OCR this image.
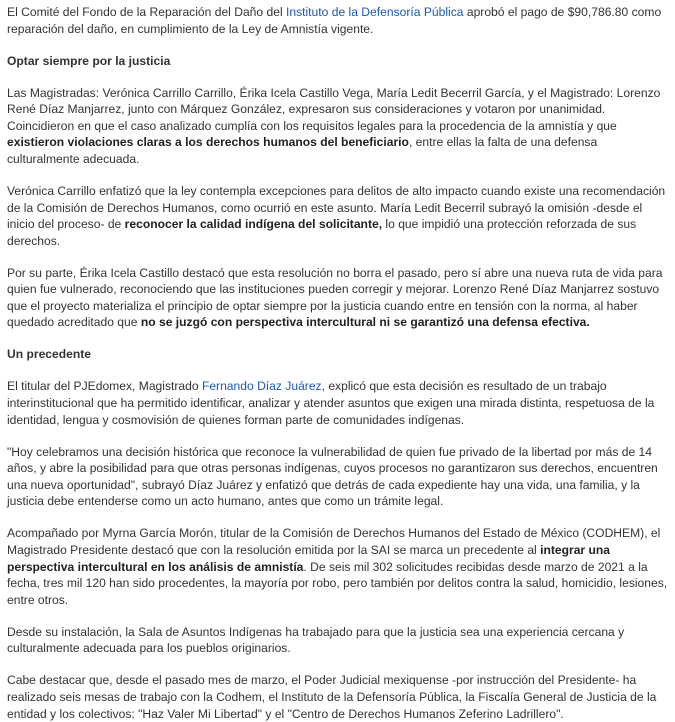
El Comité del Fondo de la Reparación del Daño del Instituto de la Defensoría Pública aprobó el pago de $90,786.80 como reparación del daño, en cumplimiento de la Ley de Amnistía vigente.

Optar siempre por la justicia

Las Magistradas: Verónica Carrillo Carrillo, Érika Icela Castillo Vega, María Ledit Becerril García, y el Magistrado: Lorenzo René Díaz Manjarrez, junto con Márquez González, expresaron sus consideraciones y votaron por unanimidad. Coincidieron en que el caso analizado cumplía con los requisitos legales para la procedencia de la amnistía y que existieron violaciones claras a los derechos humanos del beneficiario, entre ellas la falta de una defensa culturalmente adecuada.

Verónica Carrillo enfatizó que la ley contempla excepciones para delitos de alto impacto cuando existe una recomendación de la Comisión de Derechos Humanos, como ocurrió en este asunto. María Ledit Becerril subrayó la omisión -desde el inicio del proceso- de reconocer la calidad indígena del solicitante, lo que impidió una protección reforzada de sus derechos.

Por su parte, Érika Icela Castillo destacó que esta resolución no borra el pasado, pero sí abre una nueva ruta de vida para quien fue vulnerado, reconociendo que las instituciones pueden corregir y mejorar. Lorenzo René Díaz Manjarrez sostuvo que el proyecto materializa el principio de optar siempre por la justicia cuando entre en tensión con la norma, al haber quedado acreditado que no se juzgó con perspectiva intercultural ni se garantizó una defensa efectiva.

Un precedente

El titular del PJEdomex, Magistrado Fernando Díaz Juárez, explicó que esta decisión es resultado de un trabajo interinstitucional que ha permitido identificar, analizar y atender asuntos que exigen una mirada distinta, respetuosa de la identidad, lengua y cosmovisión de quienes forman parte de comunidades indígenas.

"Hoy celebramos una decisión histórica que reconoce la vulnerabilidad de quien fue privado de la libertad por más de 14 años, y abre la posibilidad para que otras personas indígenas, cuyos procesos no garantizaron sus derechos, encuentren una nueva oportunidad", subrayó Díaz Juárez y enfatizó que detrás de cada expediente hay una vida, una familia, y la justicia debe entenderse como un acto humano, antes que como un trámite legal.

Acompañado por Myrna García Morón, titular de la Comisión de Derechos Humanos del Estado de México (CODHEM), el Magistrado Presidente destacó que con la resolución emitida por la SAI se marca un precedente al integrar una perspectiva intercultural en los análisis de amnistía. De seis mil 302 solicitudes recibidas desde marzo de 2021 a la fecha, tres mil 120 han sido procedentes, la mayoría por robo, pero también por delitos contra la salud, homicidio, lesiones, entre otros.

Desde su instalación, la Sala de Asuntos Indígenas ha trabajado para que la justicia sea una experiencia cercana y culturalmente adecuada para los pueblos originarios.

Cabe destacar que, desde el pasado mes de marzo, el Poder Judicial mexiquense -por instrucción del Presidente- ha realizado seis mesas de trabajo con la Codhem, el Instituto de la Defensoría Pública, la Fiscalía General de Justicia de la entidad y los colectivos: "Haz Valer Mi Libertad" y el "Centro de Derechos Humanos Zeferino Ladrillero".
